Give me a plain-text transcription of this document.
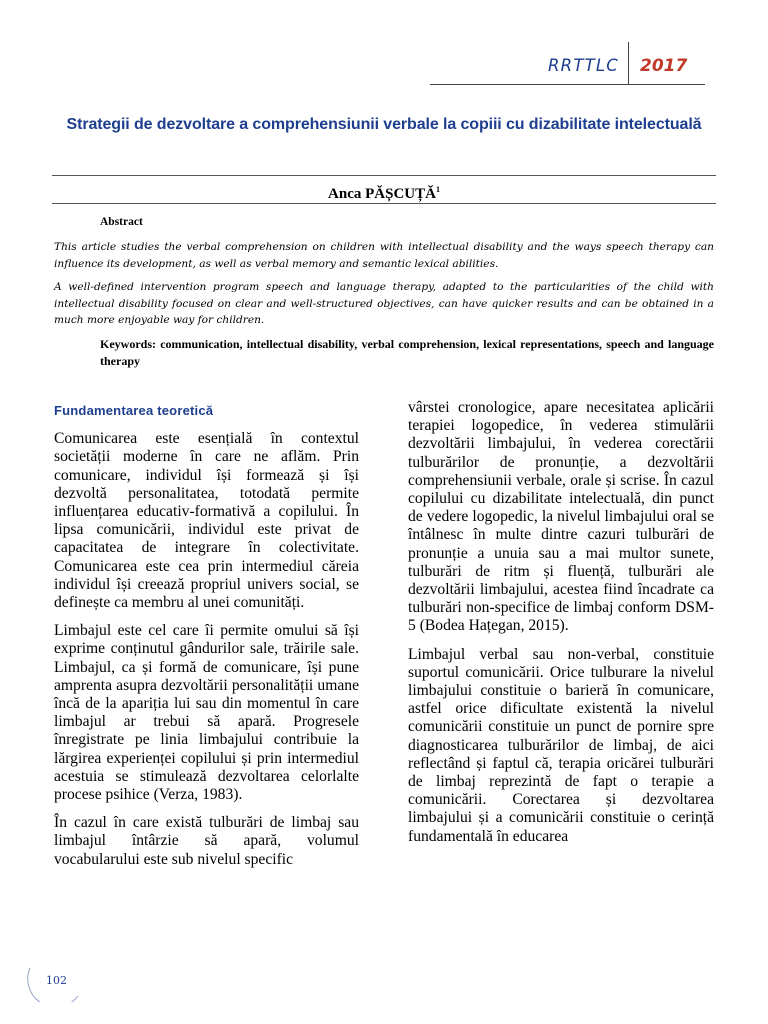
RRTTLC 2017
Strategii de dezvoltare a comprehensiunii verbale la copiii cu dizabilitate intelectuală
Anca PĂȘCUȚĂ$^1$
Abstract
This article studies the verbal comprehension on children with intellectual disability and the ways speech therapy can influence its development, as well as verbal memory and semantic lexical abilities.
A well-defined intervention program speech and language therapy, adapted to the particularities of the child with intellectual disability focused on clear and well-structured objectives, can have quicker results and can be obtained in a much more enjoyable way for children.
Keywords: communication, intellectual disability, verbal comprehension, lexical representations, speech and language therapy

Fundamentarea teoretică

Comunicarea este esențială în contextul societății moderne în care ne aflăm. Prin comunicare, individul își formează și își dezvoltă personalitatea, totodată permite influențarea educativ-formativă a copilului. În lipsa comunicării, individul este privat de capacitatea de integrare în colectivitate. Comunicarea este cea prin intermediul căreia individul își creează propriul univers social, se definește ca membru al unei comunități.

Limbajul este cel care îi permite omului să își exprime conținutul gândurilor sale, trăirile sale. Limbajul, ca și formă de comunicare, își pune amprenta asupra dezvoltării personalității umane încă de la apariția lui sau din momentul în care limbajul ar trebui să apară. Progresele înregistrate pe linia limbajului contribuie la lărgirea experienței copilului și prin intermediul acestuia se stimulează dezvoltarea celorlalte procese psihice (Verza, 1983).

În cazul în care există tulburări de limbaj sau limbajul întârzie să apară, volumul vocabularului este sub nivelul specific

vârstei cronologice, apare necesitatea aplicării terapiei logopedice, în vederea stimulării dezvoltării limbajului, în vederea corectării tulburărilor de pronunție, a dezvoltării comprehensiunii verbale, orale și scrise. În cazul copilului cu dizabilitate intelectuală, din punct de vedere logopedic, la nivelul limbajului oral se întâlnesc în multe dintre cazuri tulburări de pronunție a unuia sau a mai multor sunete, tulburări de ritm și fluență, tulburări ale dezvoltării limbajului, acestea fiind încadrate ca tulburări non-specifice de limbaj conform DSM-5 (Bodea Hațegan, 2015).

Limbajul verbal sau non-verbal, constituie suportul comunicării. Orice tulburare la nivelul limbajului constituie o barieră în comunicare, astfel orice dificultate existentă la nivelul comunicării constituie un punct de pornire spre diagnosticarea tulburărilor de limbaj, de aici reflectând și faptul că, terapia oricărei tulburări de limbaj reprezintă de fapt o terapie a comunicării. Corectarea și dezvoltarea limbajului și a comunicării constituie o cerință fundamentală în educarea

102
